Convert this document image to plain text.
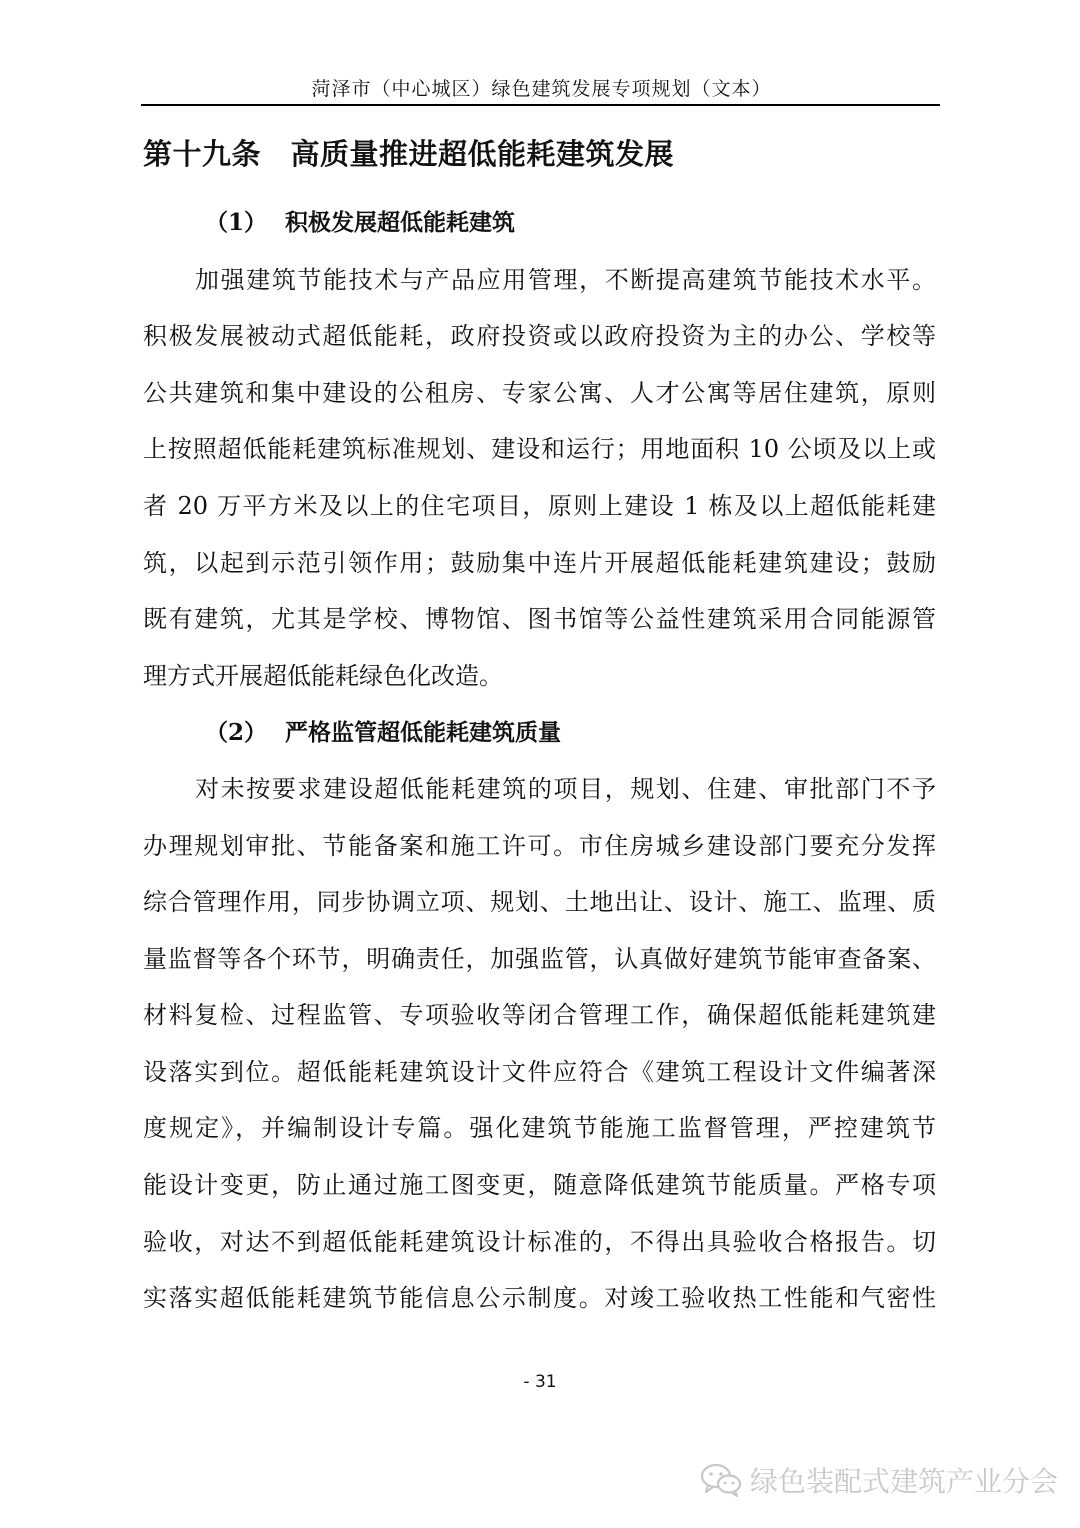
菏泽市（中心城区）绿色建筑发展专项规划（文本）
第十九条　高质量推进超低能耗建筑发展
（1） 积极发展超低能耗建筑
加强建筑节能技术与产品应用管理，不断提高建筑节能技术水平。
积极发展被动式超低能耗，政府投资或以政府投资为主的办公、学校等
公共建筑和集中建设的公租房、专家公寓、人才公寓等居住建筑，原则
上按照超低能耗建筑标准规划、建设和运行；用地面积 10 公顷及以上或
者 20 万平方米及以上的住宅项目，原则上建设 1 栋及以上超低能耗建
筑，以起到示范引领作用；鼓励集中连片开展超低能耗建筑建设；鼓励
既有建筑，尤其是学校、博物馆、图书馆等公益性建筑采用合同能源管
理方式开展超低能耗绿色化改造。
（2） 严格监管超低能耗建筑质量
对未按要求建设超低能耗建筑的项目，规划、住建、审批部门不予
办理规划审批、节能备案和施工许可。市住房城乡建设部门要充分发挥
综合管理作用，同步协调立项、规划、土地出让、设计、施工、监理、质
量监督等各个环节，明确责任，加强监管，认真做好建筑节能审查备案、
材料复检、过程监管、专项验收等闭合管理工作，确保超低能耗建筑建
设落实到位。超低能耗建筑设计文件应符合《建筑工程设计文件编著深
度规定》，并编制设计专篇。强化建筑节能施工监督管理，严控建筑节
能设计变更，防止通过施工图变更，随意降低建筑节能质量。严格专项
验收，对达不到超低能耗建筑设计标准的，不得出具验收合格报告。切
实落实超低能耗建筑节能信息公示制度。对竣工验收热工性能和气密性
- 31
绿色装配式建筑产业分会
